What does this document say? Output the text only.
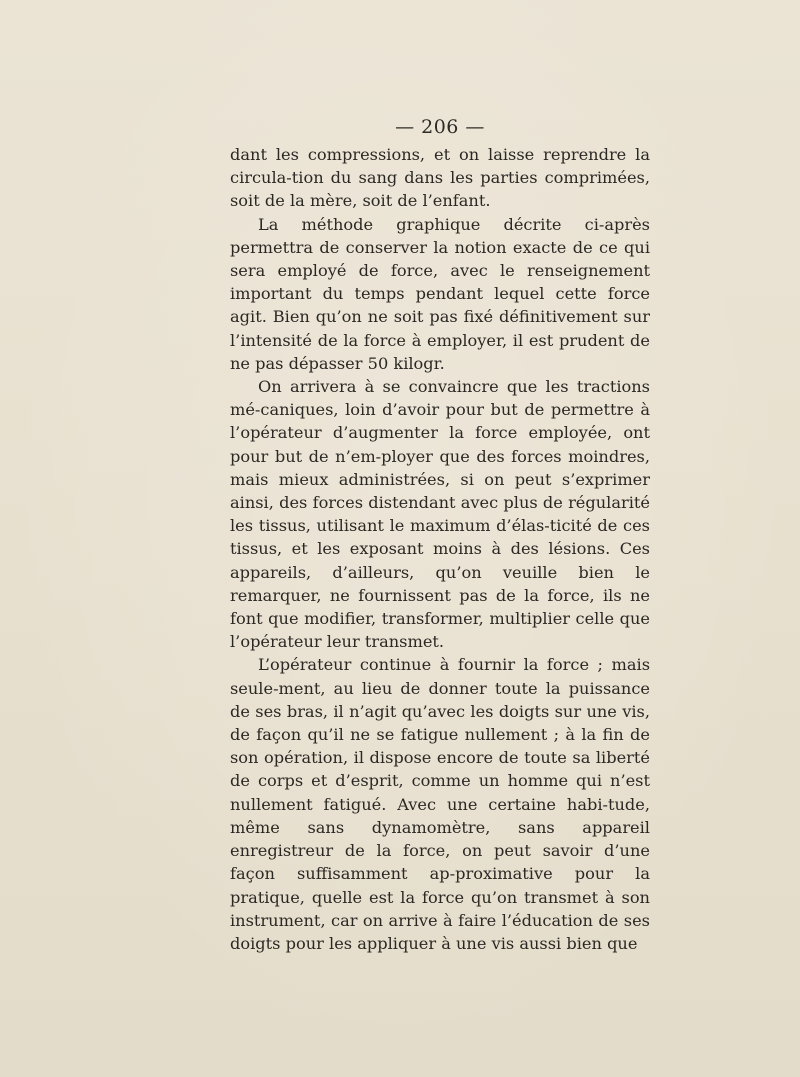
— 206 —

dant les compressions, et on laisse reprendre la circula-tion du sang dans les parties comprimées, soit de la mère, soit de l’enfant.

La méthode graphique décrite ci-après permettra de conserver la notion exacte de ce qui sera employé de force, avec le renseignement important du temps pendant lequel cette force agit. Bien qu’on ne soit pas fixé définitivement sur l’intensité de la force à employer, il est prudent de ne pas dépasser 50 kilogr.

On arrivera à se convaincre que les tractions mé-caniques, loin d’avoir pour but de permettre à l’opérateur d’augmenter la force employée, ont pour but de n’em-ployer que des forces moindres, mais mieux administrées, si on peut s’exprimer ainsi, des forces distendant avec plus de régularité les tissus, utilisant le maximum d’élas-ticité de ces tissus, et les exposant moins à des lésions. Ces appareils, d’ailleurs, qu’on veuille bien le remarquer, ne fournissent pas de la force, ils ne font que modifier, transformer, multiplier celle que l’opérateur leur transmet.

L’opérateur continue à fournir la force ; mais seule-ment, au lieu de donner toute la puissance de ses bras, il n’agit qu’avec les doigts sur une vis, de façon qu’il ne se fatigue nullement ; à la fin de son opération, il dispose encore de toute sa liberté de corps et d’esprit, comme un homme qui n’est nullement fatigué. Avec une certaine habi-tude, même sans dynamomètre, sans appareil enregistreur de la force, on peut savoir d’une façon suffisamment ap-proximative pour la pratique, quelle est la force qu’on transmet à son instrument, car on arrive à faire l’éducation de ses doigts pour les appliquer à une vis aussi bien que
